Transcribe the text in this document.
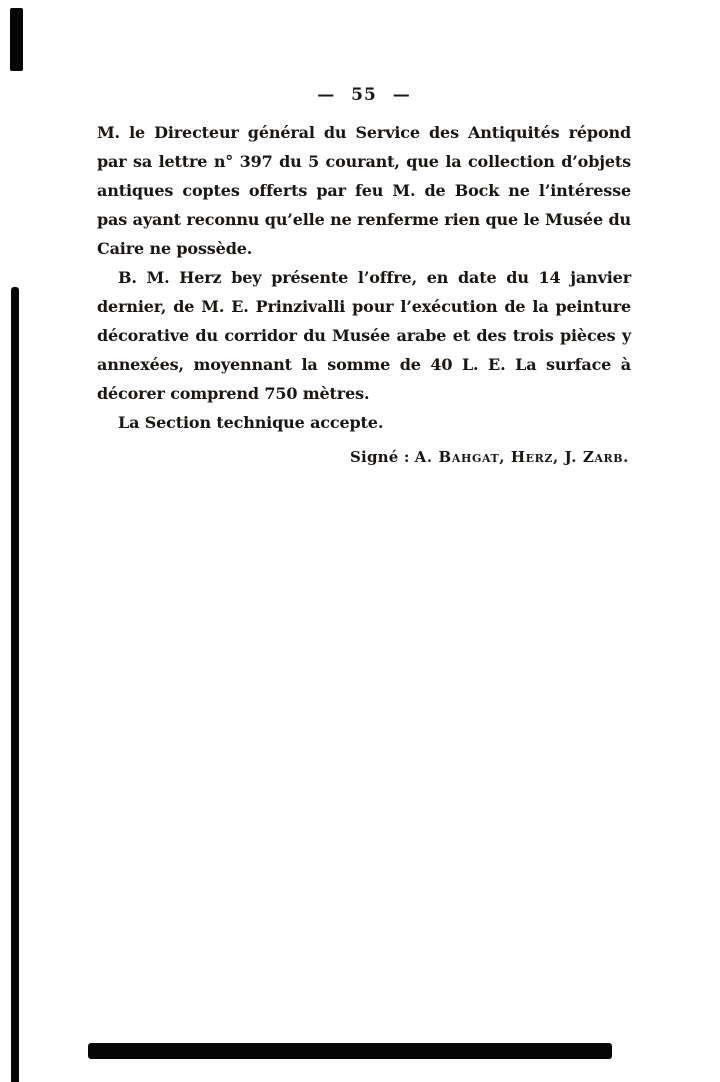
— 55 —

M. le Directeur général du Service des Antiquités répond par sa lettre n° 397 du 5 courant, que la collection d’objets antiques coptes offerts par feu M. de Bock ne l’intéresse pas ayant reconnu qu’elle ne renferme rien que le Musée du Caire ne possède.

B. M. Herz bey présente l’offre, en date du 14 janvier dernier, de M. E. Prinzivalli pour l’exécution de la peinture décorative du corridor du Musée arabe et des trois pièces y annexées, moyennant la somme de 40 L. E. La surface à décorer comprend 750 mètres.

La Section technique accepte.

Signé : A. Bahgat, Herz, J. Zarb.
